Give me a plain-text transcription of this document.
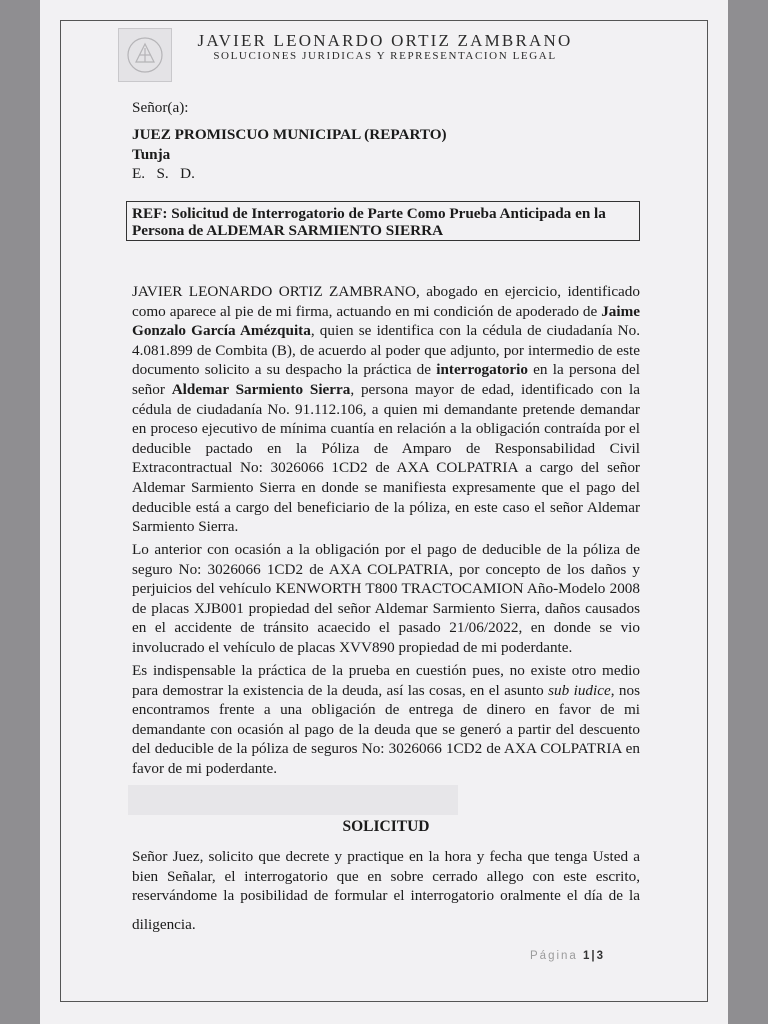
JAVIER LEONARDO ORTIZ ZAMBRANO
SOLUCIONES JURIDICAS Y REPRESENTACION LEGAL

Señor(a):

JUEZ PROMISCUO MUNICIPAL (REPARTO)

Tunja

E.   S.   D.

REF: Solicitud de Interrogatorio de Parte Como Prueba Anticipada en la
Persona de ALDEMAR SARMIENTO SIERRA

JAVIER LEONARDO ORTIZ ZAMBRANO, abogado en ejercicio, identificado como aparece al pie de mi firma, actuando en mi condición de apoderado de Jaime Gonzalo García Amézquita, quien se identifica con la cédula de ciudadanía No. 4.081.899 de Combita (B), de acuerdo al poder que adjunto, por intermedio de este documento solicito a su despacho la práctica de interrogatorio en la persona del señor Aldemar Sarmiento Sierra, persona mayor de edad, identificado con la cédula de ciudadanía No. 91.112.106, a quien mi demandante pretende demandar en proceso ejecutivo de mínima cuantía en relación a la obligación contraída por el deducible pactado en la Póliza de Amparo de Responsabilidad Civil Extracontractual No: 3026066 1CD2 de AXA COLPATRIA a cargo del señor Aldemar Sarmiento Sierra en donde se manifiesta expresamente que el pago del deducible está a cargo del beneficiario de la póliza, en este caso el señor Aldemar Sarmiento Sierra.

Lo anterior con ocasión a la obligación por el pago de deducible de la póliza de seguro No: 3026066 1CD2 de AXA COLPATRIA, por concepto de los daños y perjuicios del vehículo KENWORTH T800 TRACTOCAMION Año-Modelo 2008 de placas XJB001 propiedad del señor Aldemar Sarmiento Sierra, daños causados en el accidente de tránsito acaecido el pasado 21/06/2022, en donde se vio involucrado el vehículo de placas XVV890 propiedad de mi poderdante.

Es indispensable la práctica de la prueba en cuestión pues, no existe otro medio para demostrar la existencia de la deuda, así las cosas, en el asunto sub iudice, nos encontramos frente a una obligación de entrega de dinero en favor de mi demandante con ocasión al pago de la deuda que se generó a partir del descuento del deducible de la póliza de seguros No: 3026066 1CD2 de AXA COLPATRIA en favor de mi poderdante.

SOLICITUD

Señor Juez, solicito que decrete y practique en la hora y fecha que tenga Usted a bien Señalar, el interrogatorio que en sobre cerrado allego con este escrito, reservándome la posibilidad de formular el interrogatorio oralmente el día de la

diligencia.

Página 1|3
